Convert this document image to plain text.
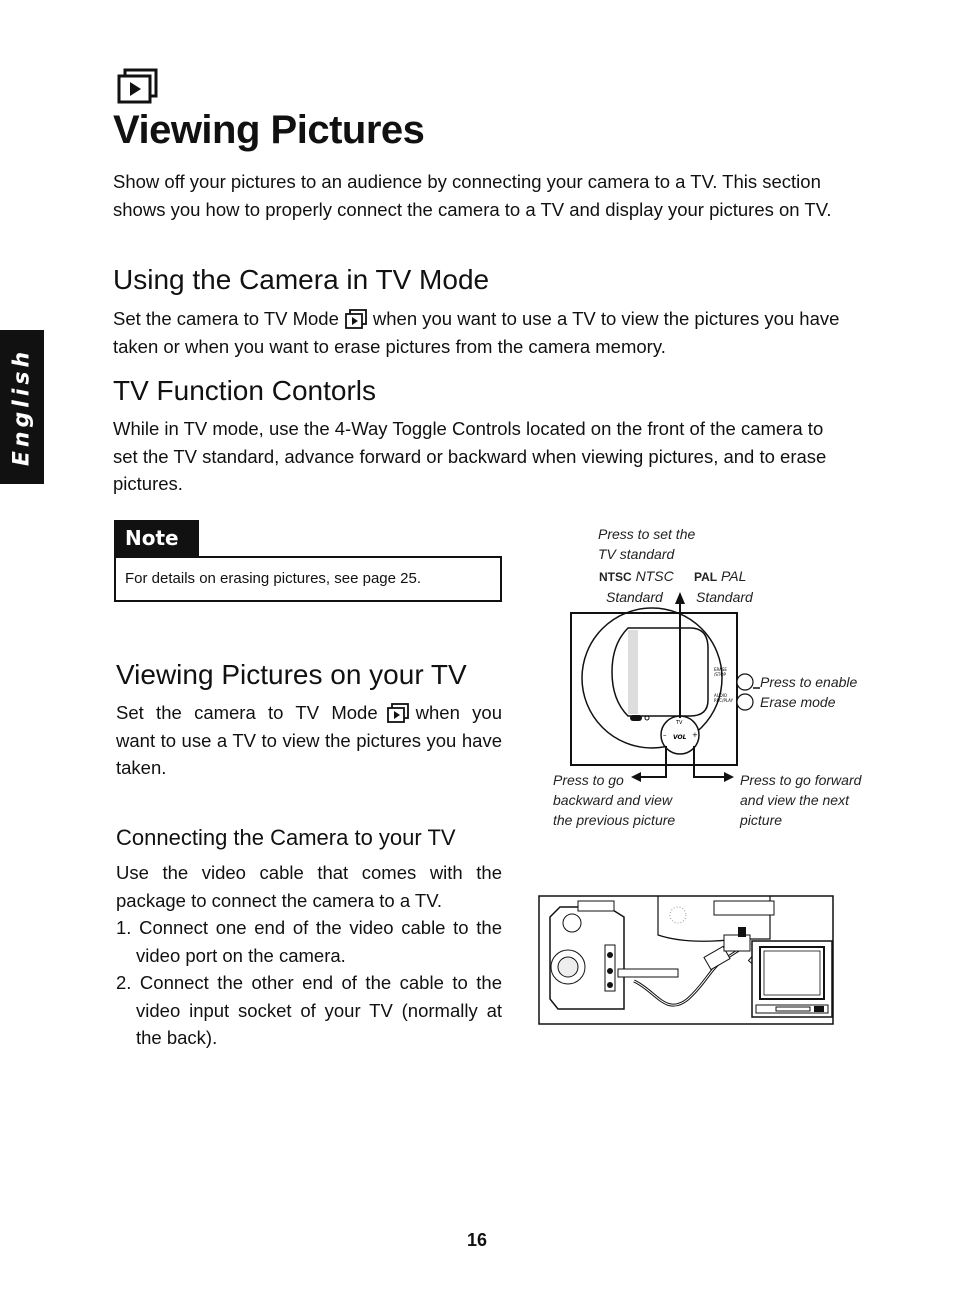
English
Viewing Pictures
Show off your pictures to an audience by connecting your camera to a TV. This section shows you how to properly connect the camera to a TV and display your pictures on TV.
Using the Camera in TV Mode
Set the camera to TV Mode when you want to use a TV to view the pictures you have taken or when you want to erase pictures from the camera memory.
TV Function Contorls
While in TV mode, use the 4-Way Toggle Controls located on the front of the camera to set the TV standard, advance forward or backward when viewing pictures, and to erase pictures.
Note
For details on erasing pictures, see page 25.
Viewing Pictures on your TV
Set the camera to TV Mode when you want to use a TV to view the pictures you have taken.
Connecting the Camera to your TV
Use the video cable that comes with the package to connect the camera to a TV.
1. Connect one end of the video cable to the video port on the camera.
2. Connect the other end of the cable to the video input socket of your TV (normally at the back).
Press to set the
TV standard
NTSC NTSC
Standard
PAL PAL
Standard
ERASE
/STOP
AUDIO
REC/PLAY
TV
VOL
–	+
Press to enable
Erase mode
Press to go
backward and view
the previous picture
Press to go forward
and view the next
picture
16
